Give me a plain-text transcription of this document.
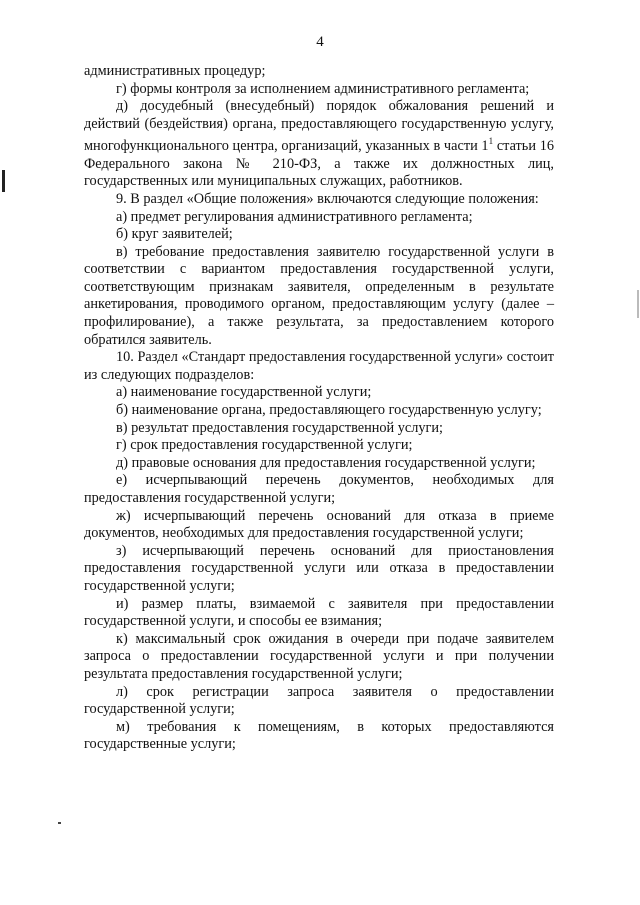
4

административных процедур;

г) формы контроля за исполнением административного регламента;

д) досудебный (внесудебный) порядок обжалования решений и действий (бездействия) органа, предоставляющего государственную услугу, многофункционального центра, организаций, указанных в части $1^1$ статьи 16 Федерального закона № 210-ФЗ, а также их должностных лиц, государственных или муниципальных служащих, работников.

9. В раздел «Общие положения» включаются следующие положения:

а) предмет регулирования административного регламента;

б) круг заявителей;

в) требование предоставления заявителю государственной услуги в соответствии с вариантом предоставления государственной услуги, соответствующим признакам заявителя, определенным в результате анкетирования, проводимого органом, предоставляющим услугу (далее – профилирование), а также результата, за предоставлением которого обратился заявитель.

10. Раздел «Стандарт предоставления государственной услуги» состоит из следующих подразделов:

а) наименование государственной услуги;

б) наименование органа, предоставляющего государственную услугу;

в) результат предоставления государственной услуги;

г) срок предоставления государственной услуги;

д) правовые основания для предоставления государственной услуги;

е) исчерпывающий перечень документов, необходимых для предоставления государственной услуги;

ж) исчерпывающий перечень оснований для отказа в приеме документов, необходимых для предоставления государственной услуги;

з) исчерпывающий перечень оснований для приостановления предоставления государственной услуги или отказа в предоставлении государственной услуги;

и) размер платы, взимаемой с заявителя при предоставлении государственной услуги, и способы ее взимания;

к) максимальный срок ожидания в очереди при подаче заявителем запроса о предоставлении государственной услуги и при получении результата предоставления государственной услуги;

л) срок регистрации запроса заявителя о предоставлении государственной услуги;

м) требования к помещениям, в которых предоставляются государственные услуги;
